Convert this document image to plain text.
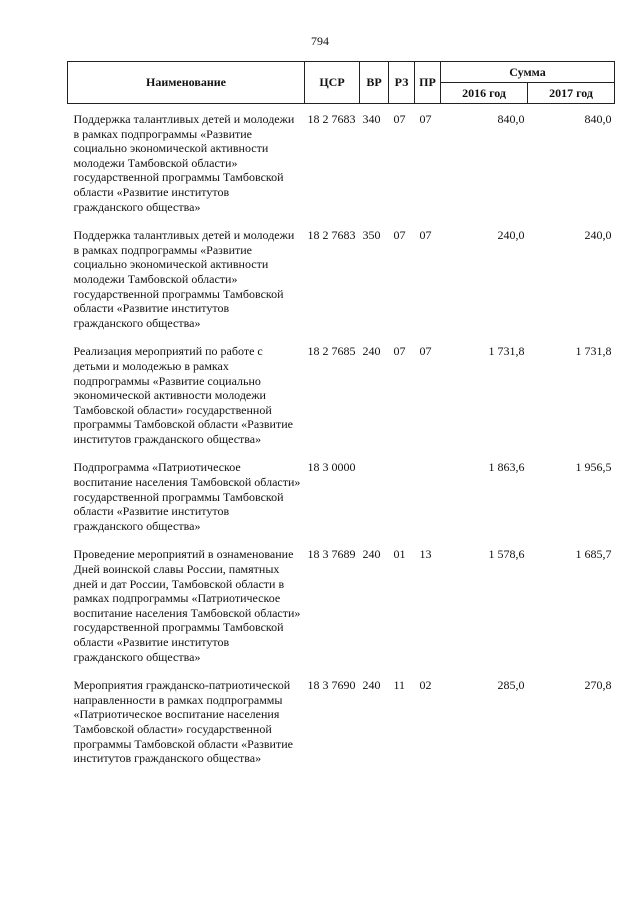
794
Наименование	ЦСР	ВР	РЗ	ПР	Сумма	
					2016 год	2017 год
Поддержка талантливых детей и молодежи в рамках подпрограммы «Развитие социально экономической активности молодежи Тамбовской области» государственной программы Тамбовской области «Развитие институтов гражданского общества»	18 2 7683	340	07	07	840,0	840,0
Поддержка талантливых детей и молодежи в рамках подпрограммы «Развитие социально экономической активности молодежи Тамбовской области» государственной программы Тамбовской области «Развитие институтов гражданского общества»	18 2 7683	350	07	07	240,0	240,0
Реализация мероприятий по работе с детьми и молодежью в рамках подпрограммы «Развитие социально экономической активности молодежи Тамбовской области» государственной программы Тамбовской области «Развитие институтов гражданского общества»	18 2 7685	240	07	07	1 731,8	1 731,8
Подпрограмма «Патриотическое воспитание населения Тамбовской области» государственной программы Тамбовской области «Развитие институтов гражданского общества»	18 3 0000				1 863,6	1 956,5
Проведение мероприятий в ознаменование Дней воинской славы России, памятных дней и дат России, Тамбовской области в рамках подпрограммы «Патриотическое воспитание населения Тамбовской области» государственной программы Тамбовской области «Развитие институтов гражданского общества»	18 3 7689	240	01	13	1 578,6	1 685,7
Мероприятия гражданско-патриотической направленности в рамках подпрограммы «Патриотическое воспитание населения Тамбовской области» государственной программы Тамбовской области «Развитие институтов гражданского общества»	18 3 7690	240	11	02	285,0	270,8
